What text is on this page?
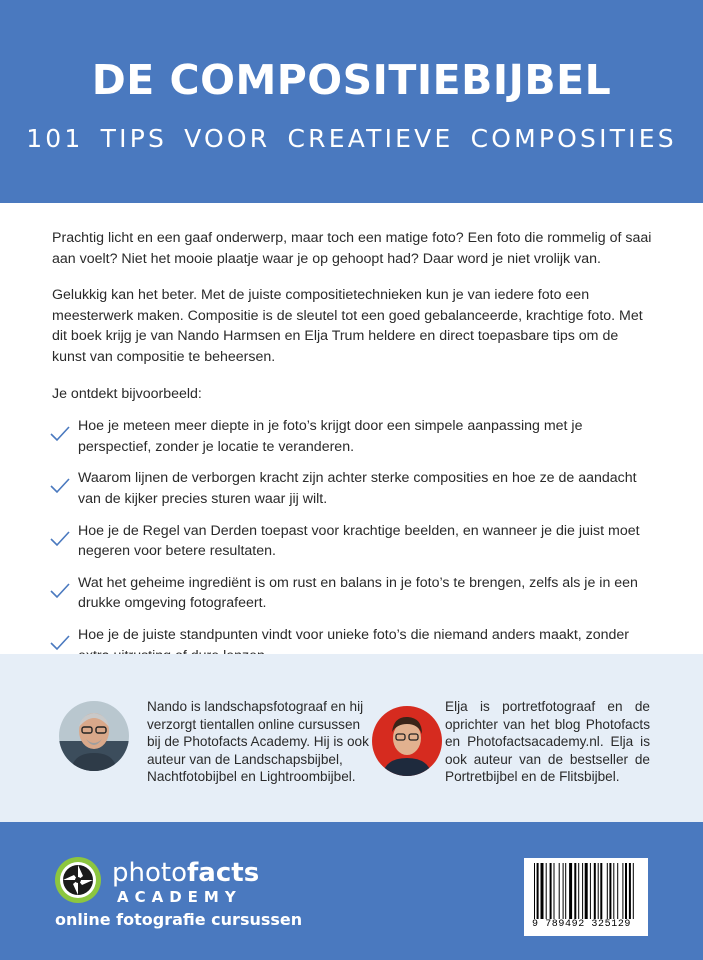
DE COMPOSITIEBIJBEL
101 TIPS VOOR CREATIEVE COMPOSITIES

Prachtig licht en een gaaf onderwerp, maar toch een matige foto? Een foto die rommelig of saai aan voelt? Niet het mooie plaatje waar je op gehoopt had? Daar word je niet vrolijk van.

Gelukkig kan het beter. Met de juiste compositietechnieken kun je van iedere foto een meesterwerk maken. Compositie is de sleutel tot een goed gebalanceerde, krachtige foto. Met dit boek krijg je van Nando Harmsen en Elja Trum heldere en direct toepasbare tips om de kunst van compositie te beheersen.

Je ontdekt bijvoorbeeld:

Hoe je meteen meer diepte in je foto’s krijgt door een simpele aanpassing met je perspectief, zonder je locatie te veranderen.
Waarom lijnen de verborgen kracht zijn achter sterke composities en hoe ze de aandacht van de kijker precies sturen waar jij wilt.
Hoe je de Regel van Derden toepast voor krachtige beelden, en wanneer je die juist moet negeren voor betere resultaten.
Wat het geheime ingrediënt is om rust en balans in je foto’s te brengen, zelfs als je in een drukke omgeving fotografeert.
Hoe je de juiste standpunten vindt voor unieke foto’s die niemand anders maakt, zonder
Nando is landschapsfotograaf en hij verzorgt tientallen online cursussen bij de Photofacts Academy. Hij is ook auteur van de Landschapsbijbel, Nachtfotobijbel en Lightroombijbel.
Elja is portretfotograaf en de oprichter van het blog Photofacts en Photofactsacademy.nl. Elja is ook auteur van de bestseller de Portretbijbel en de Flitsbijbel.
photofacts
ACADEMY
online fotografie cursussen	9 789492 325129
